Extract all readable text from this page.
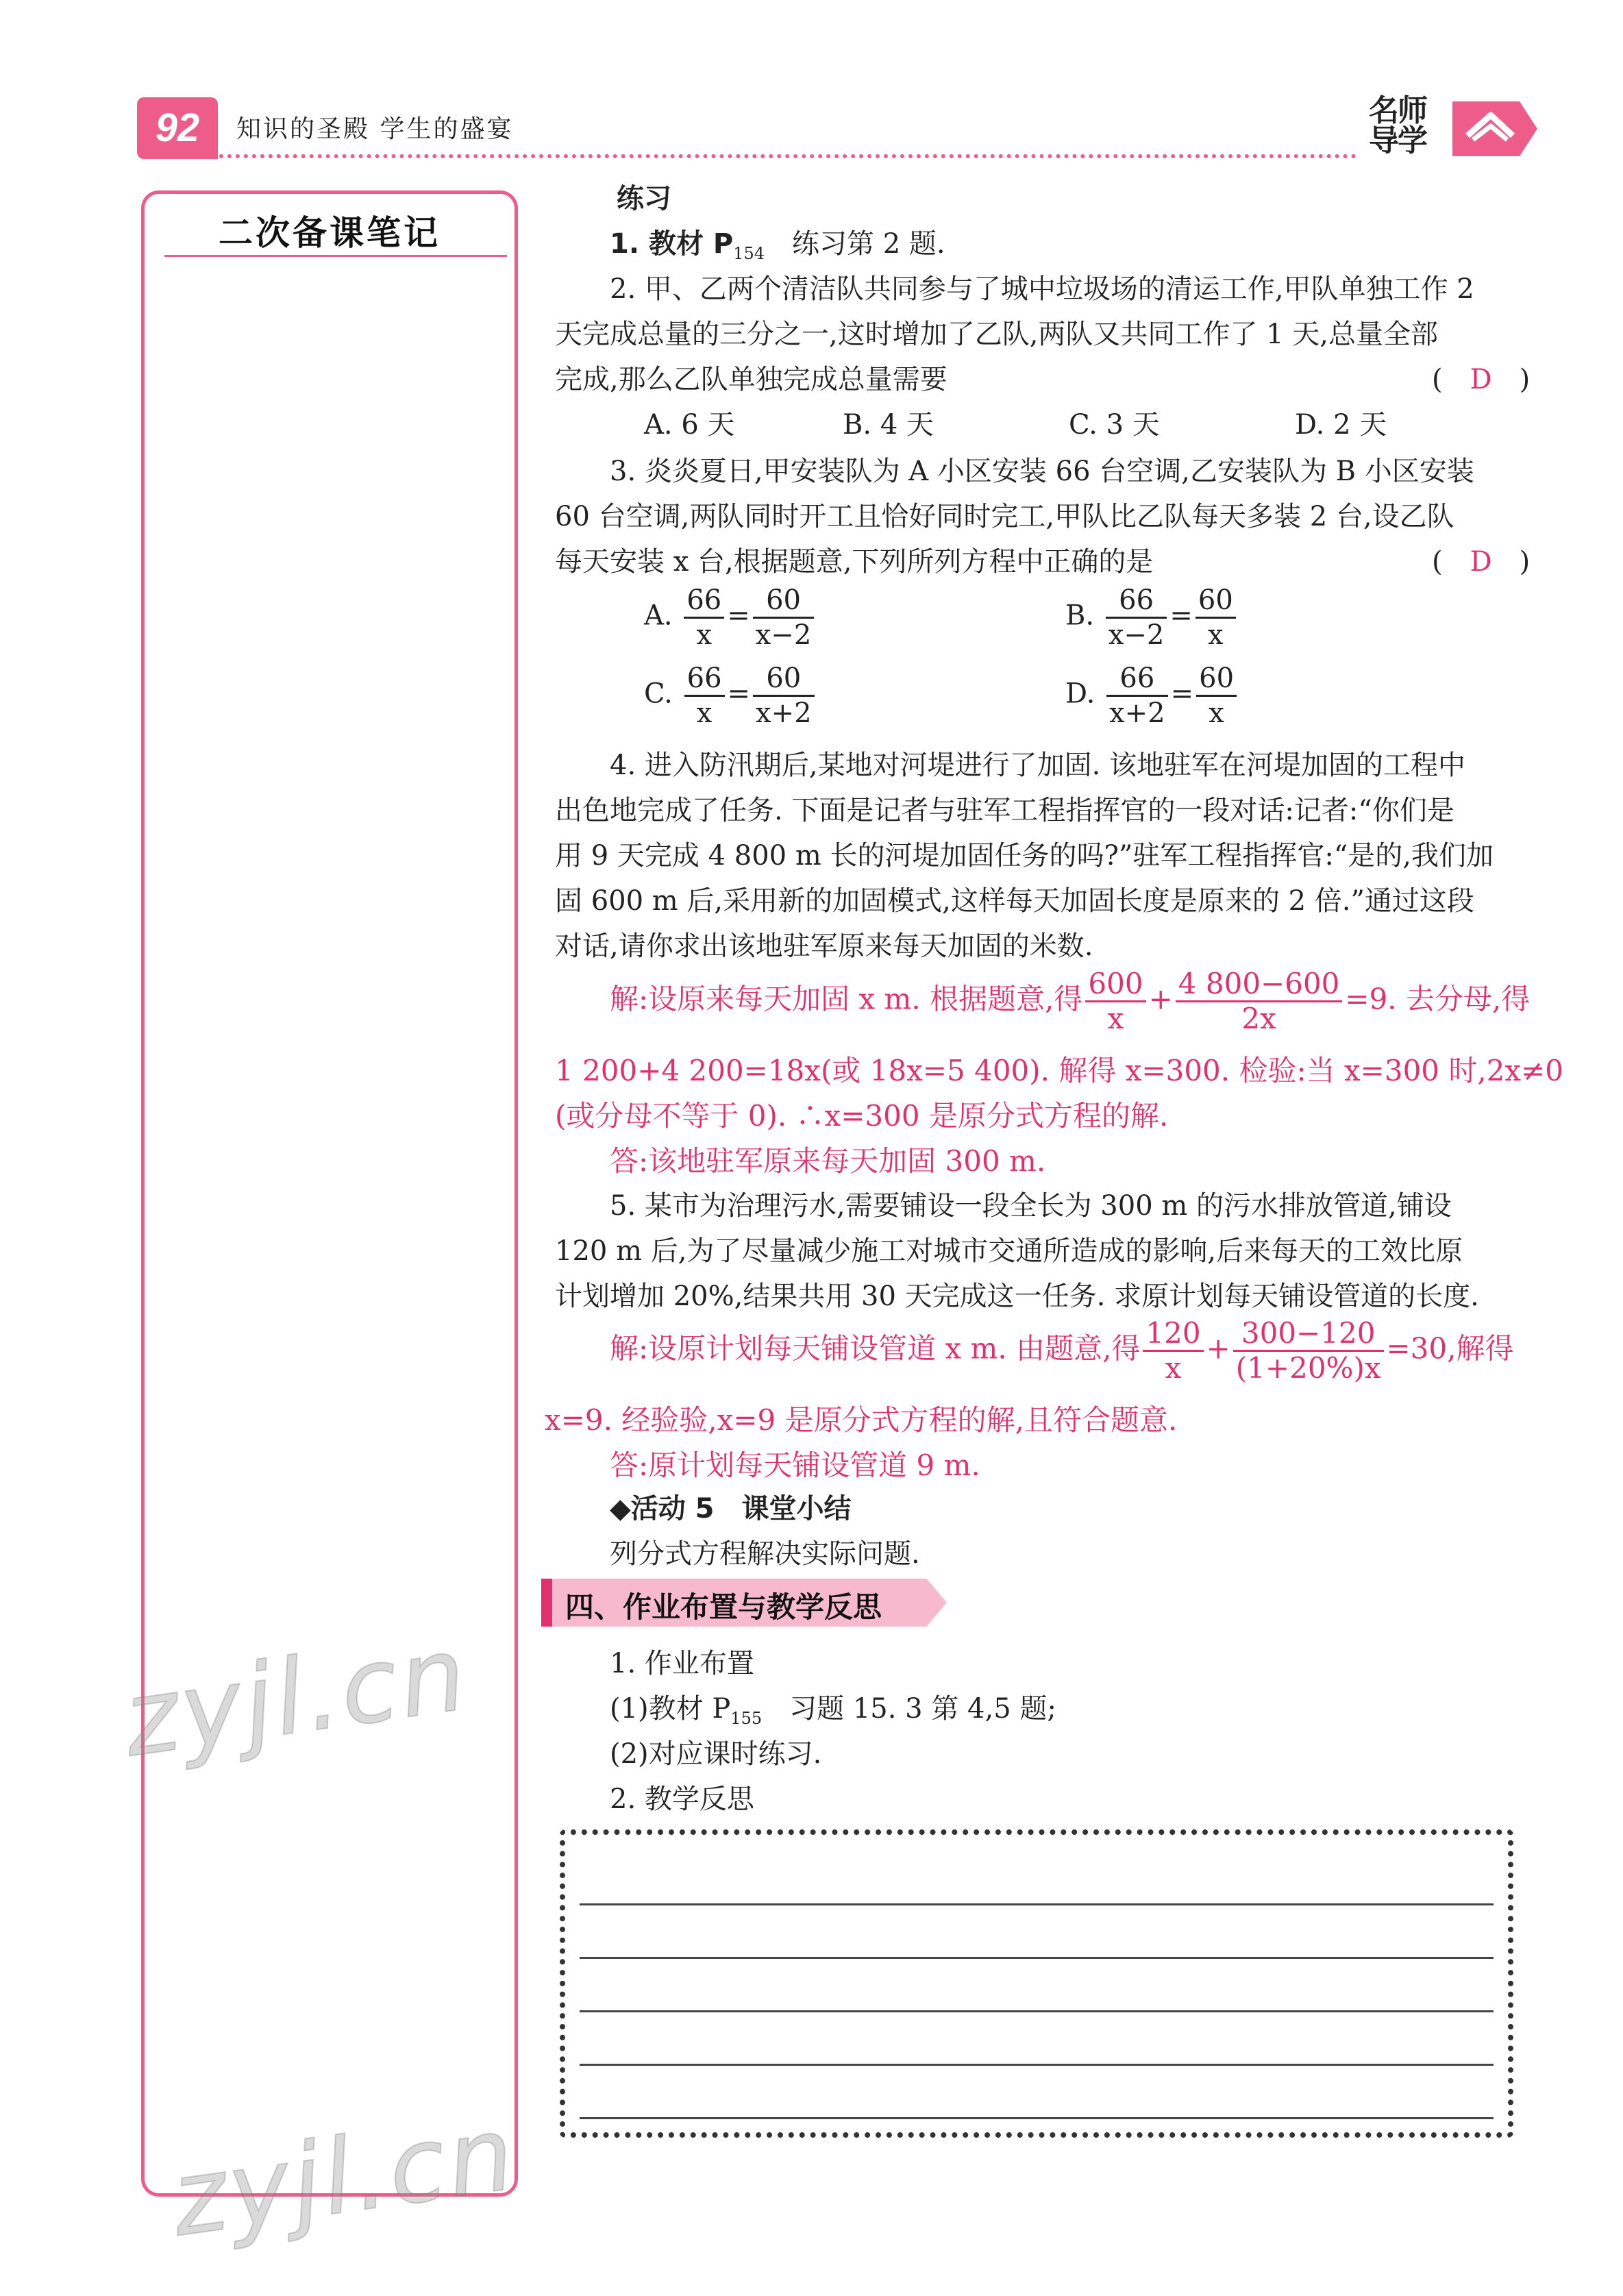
92	知识的圣殿 学生的盛宴
名师
导学
二次备课笔记
练习
1. 教材 $P_{154}$　练习第 2 题.
2. 甲、乙两个清洁队共同参与了城中垃圾场的清运工作,甲队单独工作 2
天完成总量的三分之一,这时增加了乙队,两队又共同工作了 1 天,总量全部
完成,那么乙队单独完成总量需要	(　D　)
A. 6 天	B. 4 天	C. 3 天	D. 2 天
3. 炎炎夏日,甲安装队为 A 小区安装 66 台空调,乙安装队为 B 小区安装
60 台空调,两队同时开工且恰好同时完工,甲队比乙队每天多装 2 台,设乙队
每天安装 x 台,根据题意,下列所列方程中正确的是	(　D　)
A. $\frac{66}{x} = \frac{60}{x-2}$	B. $\frac{66}{x-2} = \frac{60}{x}$
C. $\frac{66}{x} = \frac{60}{x+2}$	D. $\frac{66}{x+2} = \frac{60}{x}$
4. 进入防汛期后,某地对河堤进行了加固. 该地驻军在河堤加固的工程中
出色地完成了任务. 下面是记者与驻军工程指挥官的一段对话:记者:“你们是
用 9 天完成 4 800 m 长的河堤加固任务的吗?”驻军工程指挥官:“是的,我们加
固 600 m 后,采用新的加固模式,这样每天加固长度是原来的 2 倍.”通过这段
对话,请你求出该地驻军原来每天加固的米数.
解:设原来每天加固 x m. 根据题意,得 $\frac{600}{x} + \frac{4 800-600}{2x} =9$. 去分母,得
1 200+4 200=18x(或 18x=5 400). 解得 x=300. 检验:当 x=300 时,2x≠0
(或分母不等于 0). ∴x=300 是原分式方程的解.
答:该地驻军原来每天加固 300 m.
5. 某市为治理污水,需要铺设一段全长为 300 m 的污水排放管道,铺设
120 m 后,为了尽量减少施工对城市交通所造成的影响,后来每天的工效比原
计划增加 20%,结果共用 30 天完成这一任务. 求原计划每天铺设管道的长度.
解:设原计划每天铺设管道 x m. 由题意,得 $\frac{120}{x} + \frac{300-120}{(1+20\%)x} =30$,解得
x=9. 经验验,x=9 是原分式方程的解,且符合题意.
答:原计划每天铺设管道 9 m.
◆活动 5　课堂小结
列分式方程解决实际问题.
四、作业布置与教学反思
1. 作业布置
(1)教材 $P_{155}$　习题 15. 3 第 4,5 题;
(2)对应课时练习.
2. 教学反思
zyjl.cn
zyjl.cn
